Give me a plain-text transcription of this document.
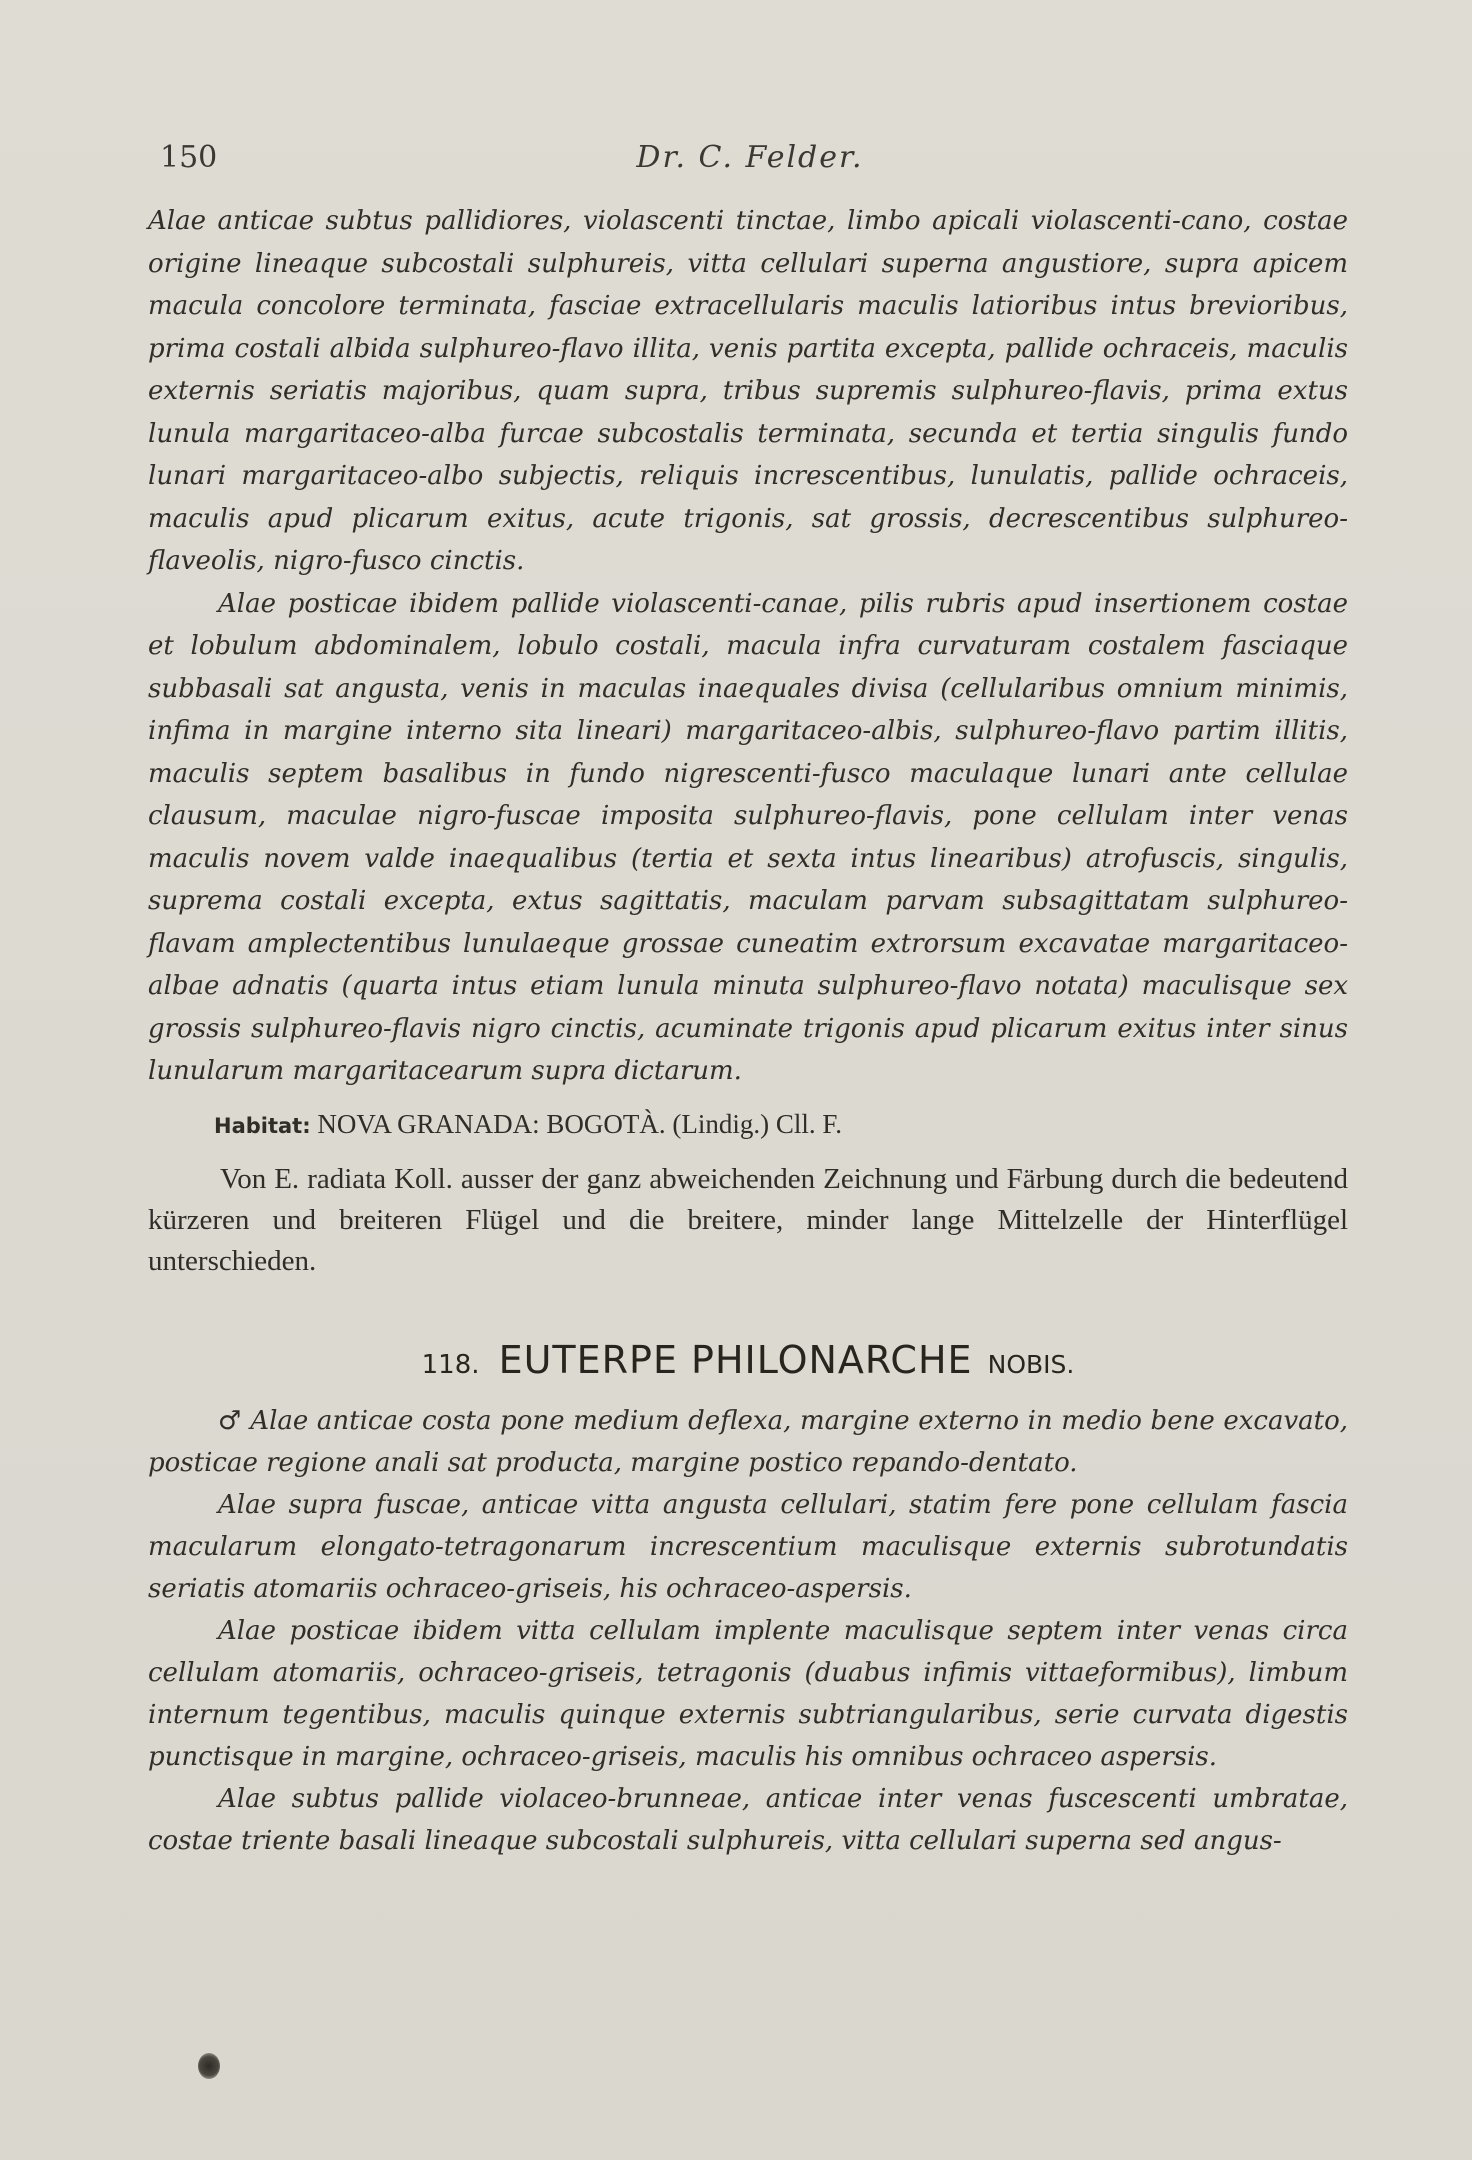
150	Dr. C. Felder.

Alae anticae subtus pallidiores, violascenti tinctae, limbo apicali violascenti-cano, costae origine lineaque subcostali sulphureis, vitta cellulari superna angustiore, supra apicem macula concolore terminata, fasciae extracellularis maculis latioribus intus brevioribus, prima costali albida sulphureo-flavo illita, venis partita excepta, pallide ochraceis, maculis externis seriatis majoribus, quam supra, tribus supremis sulphureo-flavis, prima extus lunula margaritaceo-alba furcae subcostalis terminata, secunda et tertia singulis fundo lunari margaritaceo-albo subjectis, reliquis increscentibus, lunulatis, pallide ochraceis, maculis apud plicarum exitus, acute trigonis, sat grossis, decrescentibus sulphureo-flaveolis, nigro-fusco cinctis.

Alae posticae ibidem pallide violascenti-canae, pilis rubris apud insertionem costae et lobulum abdominalem, lobulo costali, macula infra curvaturam costalem fasciaque subbasali sat angusta, venis in maculas inaequales divisa (cellularibus omnium minimis, infima in margine interno sita lineari) margaritaceo-albis, sulphureo-flavo partim illitis, maculis septem basalibus in fundo nigrescenti-fusco maculaque lunari ante cellulae clausum, maculae nigro-fuscae imposita sulphureo-flavis, pone cellulam inter venas maculis novem valde inaequalibus (tertia et sexta intus linearibus) atrofuscis, singulis, suprema costali excepta, extus sagittatis, maculam parvam subsagittatam sulphureo-flavam amplectentibus lunulaeque grossae cuneatim extrorsum excavatae margaritaceo-albae adnatis (quarta intus etiam lunula minuta sulphureo-flavo notata) maculisque sex grossis sulphureo-flavis nigro cinctis, acuminate trigonis apud plicarum exitus inter sinus lunularum margaritacearum supra dictarum.

Habitat: NOVA GRANADA: BOGOTÀ. (Lindig.) Cll. F.

Von E. radiata Koll. ausser der ganz abweichenden Zeichnung und Färbung durch die bedeutend kürzeren und breiteren Flügel und die breitere, minder lange Mittelzelle der Hinterflügel unterschieden.

118. EUTERPE PHILONARCHE NOBIS.

♂ Alae anticae costa pone medium deflexa, margine externo in medio bene excavato, posticae regione anali sat producta, margine postico repando-dentato.

Alae supra fuscae, anticae vitta angusta cellulari, statim fere pone cellulam fascia macularum elongato-tetragonarum increscentium maculisque externis subrotundatis seriatis atomariis ochraceo-griseis, his ochraceo-aspersis.

Alae posticae ibidem vitta cellulam implente maculisque septem inter venas circa cellulam atomariis, ochraceo-griseis, tetragonis (duabus infimis vittaeformibus), limbum internum tegentibus, maculis quinque externis subtriangularibus, serie curvata digestis punctisque in margine, ochraceo-griseis, maculis his omnibus ochraceo aspersis.

Alae subtus pallide violaceo-brunneae, anticae inter venas fuscescenti umbratae, costae triente basali lineaque subcostali sulphureis, vitta cellulari superna sed angus-
